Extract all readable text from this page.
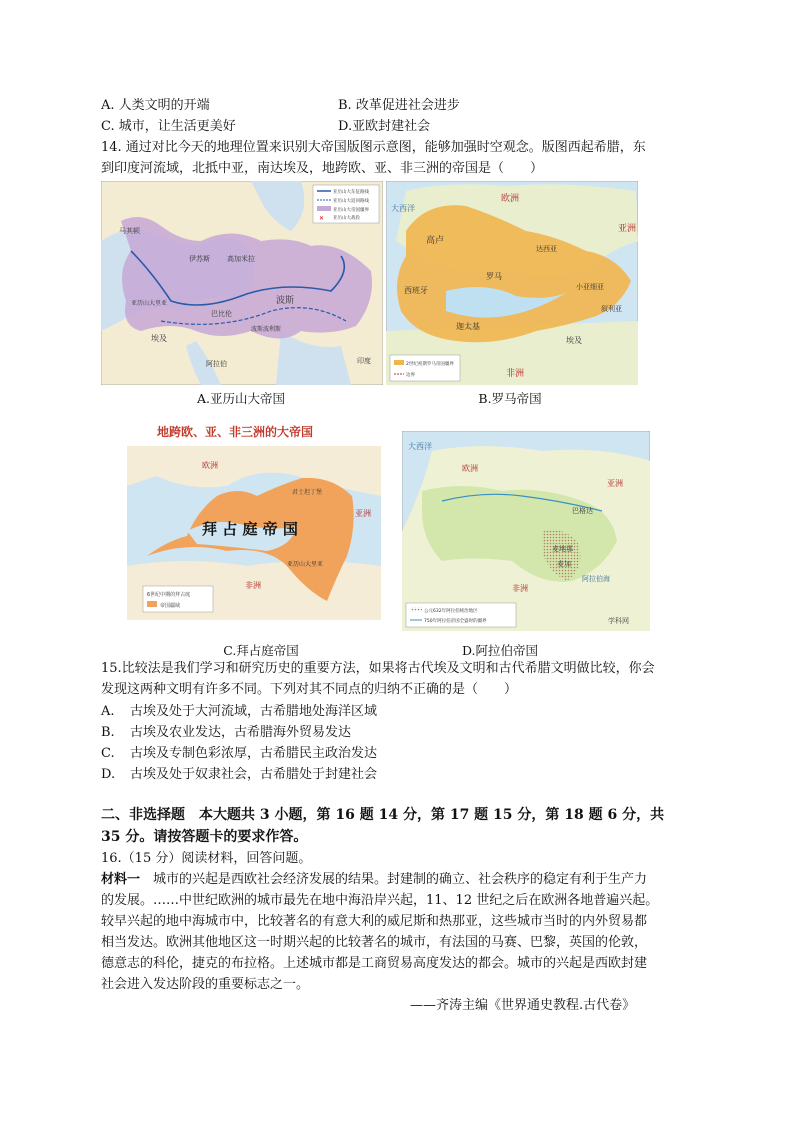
A. 人类文明的开端	B. 改革促进社会进步
C. 城市，让生活更美好	D.亚欧封建社会
14. 通过对比今天的地理位置来识别大帝国版图示意图，能够加强时空观念。版图西起希腊，东
到印度河流域，北抵中亚，南达埃及，地跨欧、亚、非三洲的帝国是（　　）
马其顿
伊苏斯
埃及
巴比伦
高加米拉
波斯
亚历山大里亚
波斯波利斯
阿拉伯	印度
亚历山大东征路线
亚历山大返回路线
亚历山大帝国疆界
✕ 亚历山大战役
大西洋
高卢
西班牙
罗马
迦太基
埃及
小亚细亚
叙利亚
达西亚
欧洲
亚洲
非洲
2世纪初期罗马帝国疆界
边界
A.亚历山大帝国	B.罗马帝国
地跨欧、亚、非三洲的大帝国
拜 占 庭 帝 国
欧洲
亚洲
非洲
君士坦丁堡
亚历山大里亚
6世纪中期的拜占庭
帝国疆域
大西洋
欧洲
亚洲
巴格达
麦地那
麦加
阿拉伯海
非洲
公元632年阿拉伯统治地区
750年阿拉伯帝国全盛时的疆界	学科网
C.拜占庭帝国	D.阿拉伯帝国
15.比较法是我们学习和研究历史的重要方法，如果将古代埃及文明和古代希腊文明做比较，你会
发现这两种文明有许多不同。下列对其不同点的归纳不正确的是（　　）
A. 古埃及处于大河流域，古希腊地处海洋区域
B. 古埃及农业发达，古希腊海外贸易发达
C. 古埃及专制色彩浓厚，古希腊民主政治发达
D. 古埃及处于奴隶社会，古希腊处于封建社会
二、非选择题　本大题共 3 小题，第 16 题 14 分，第 17 题 15 分，第 18 题 6 分，共
35 分。请按答题卡的要求作答。
16.（15 分）阅读材料，回答问题。
材料一　城市的兴起是西欧社会经济发展的结果。封建制的确立、社会秩序的稳定有利于生产力
的发展。……中世纪欧洲的城市最先在地中海沿岸兴起，11、12 世纪之后在欧洲各地普遍兴起。
较早兴起的地中海城市中，比较著名的有意大利的威尼斯和热那亚，这些城市当时的内外贸易都
相当发达。欧洲其他地区这一时期兴起的比较著名的城市，有法国的马赛、巴黎，英国的伦敦，
德意志的科伦，捷克的布拉格。上述城市都是工商贸易高度发达的都会。城市的兴起是西欧封建
社会进入发达阶段的重要标志之一。
——齐涛主编《世界通史教程.古代卷》
